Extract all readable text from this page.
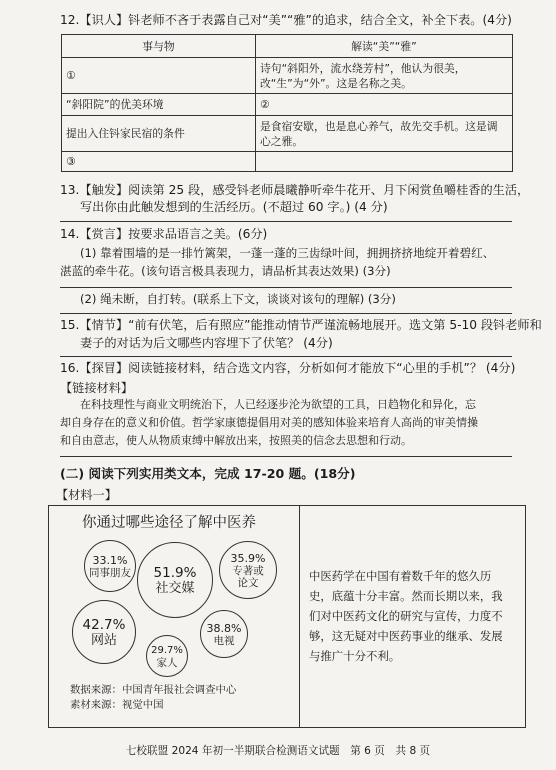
12.【识人】钭老师不吝于表露自己对“美”“雅”的追求，结合全文，补全下表。(4分)
事与物	解读“美”“雅”
①	诗句“斜阳外，流水绕芳村”，他认为很美，改“生”为“外”。这是名称之美。
“斜阳院”的优美环境	②
提出入住钭家民宿的条件	是食宿安歇，也是息心养气，故先交手机。这是调心之雅。
③	
13.【触发】阅读第 25 段，感受钭老师晨曦静听牵牛花开、月下闲赏鱼嚼桂香的生活，
写出你由此触发想到的生活经历。(不超过 60 字。) (4 分)
14.【赏言】按要求品语言之美。(6分)
(1) 靠着围墙的是一排竹篱架，一蓬一蓬的三齿绿叶间，拥拥挤挤地绽开着碧红、
湛蓝的牵牛花。(该句语言极具表现力，请品析其表达效果) (3分)
(2) 绳未断，自打转。(联系上下文，谈谈对该句的理解) (3分)
15.【情节】“前有伏笔，后有照应”能推动情节严谨流畅地展开。选文第 5-10 段钭老师和
妻子的对话为后文哪些内容埋下了伏笔？ (4分)
16.【探冒】阅读链接材料，结合选文内容，分析如何才能放下“心里的手机”？ (4分)
【链接材料】
在科技理性与商业文明统治下，人已经逐步沦为欲望的工具，日趋物化和异化，忘
却自身存在的意义和价值。哲学家康德提倡用对美的感知体验来培育人高尚的审美情操
和自由意志，使人从物质束缚中解放出来，按照美的信念去思想和行动。
(二) 阅读下列实用类文本，完成 17-20 题。(18分)
【材料一】
你通过哪些途径了解中医养
33.1%
同事朋友 51.9%
社交媒
35.9%
专著或论文
42.7%
网站
29.7%
家人
38.8%
电视
数据来源：中国青年报社会调查中心
素材来源：视觉中国
中医药学在中国有着数千年的悠久历
史，底蕴十分丰富。然而长期以来，我
们对中医药文化的研究与宣传，力度不
够，这无疑对中医药事业的继承、发展
与推广十分不利。
七校联盟 2024 年初一半期联合检测语文试题　第 6 页　共 8 页
